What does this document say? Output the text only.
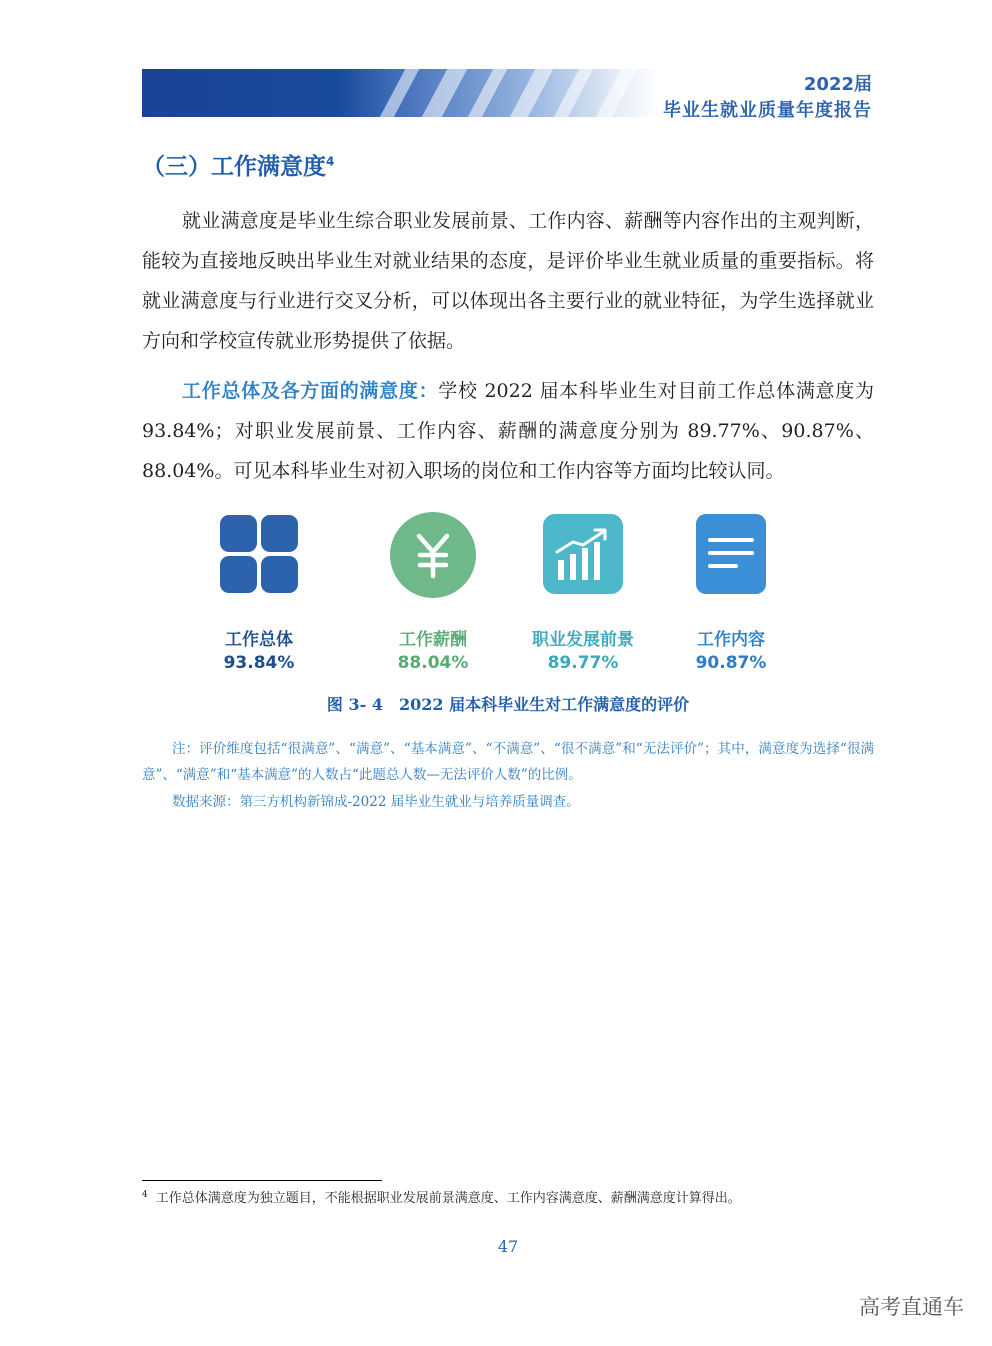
2022届
毕业生就业质量年度报告
（三）工作满意度$^4$

就业满意度是毕业生综合职业发展前景、工作内容、薪酬等内容作出的主观判断，能较为直接地反映出毕业生对就业结果的态度，是评价毕业生就业质量的重要指标。将就业满意度与行业进行交叉分析，可以体现出各主要行业的就业特征，为学生选择就业方向和学校宣传就业形势提供了依据。

工作总体及各方面的满意度：学校 2022 届本科毕业生对目前工作总体满意度为 93.84%；对职业发展前景、工作内容、薪酬的满意度分别为 89.77%、90.87%、88.04%。可见本科毕业生对初入职场的岗位和工作内容等方面均比较认同。

工作总体
93.84%
工作薪酬
88.04%
职业发展前景
89.77%
工作内容
90.87%
图 3- 4　2022 届本科毕业生对工作满意度的评价

注：评价维度包括“很满意”、“满意”、“基本满意”、“不满意”、“很不满意”和“无法评价”；其中，满意度为选择“很满意”、“满意”和“基本满意”的人数占“此题总人数—无法评价人数”的比例。

数据来源：第三方机构新锦成-2022 届毕业生就业与培养质量调查。

$^4$ 工作总体满意度为独立题目，不能根据职业发展前景满意度、工作内容满意度、薪酬满意度计算得出。
47
高考直通车
